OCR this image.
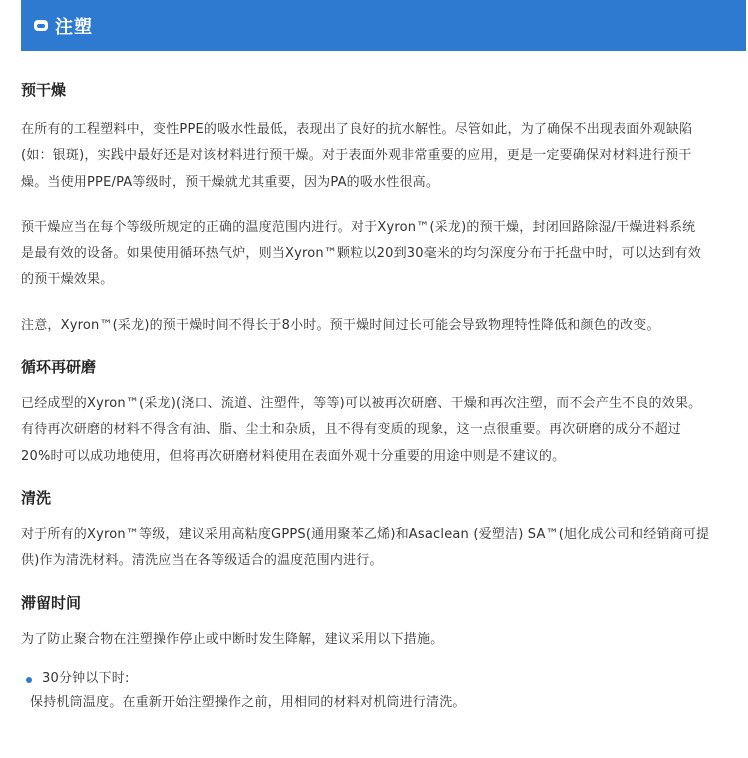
注塑
预干燥

在所有的工程塑料中，变性PPE的吸水性最低，表现出了良好的抗水解性。尽管如此，为了确保不出现表面外观缺陷
(如：银斑)，实践中最好还是对该材料进行预干燥。对于表面外观非常重要的应用，更是一定要确保对材料进行预干
燥。当使用PPE/PA等级时，预干燥就尤其重要，因为PA的吸水性很高。

预干燥应当在每个等级所规定的正确的温度范围内进行。对于Xyron™(采龙)的预干燥，封闭回路除湿/干燥进料系统
是最有效的设备。如果使用循环热气炉，则当Xyron™颗粒以20到30毫米的均匀深度分布于托盘中时，可以达到有效
的预干燥效果。

注意，Xyron™(采龙)的预干燥时间不得长于8小时。预干燥时间过长可能会导致物理特性降低和颜色的改变。

循环再研磨

已经成型的Xyron™(采龙)(浇口、流道、注塑件，等等)可以被再次研磨、干燥和再次注塑，而不会产生不良的效果。
有待再次研磨的材料不得含有油、脂、尘土和杂质，且不得有变质的现象，这一点很重要。再次研磨的成分不超过
20%时可以成功地使用，但将再次研磨材料使用在表面外观十分重要的用途中则是不建议的。

清洗

对于所有的Xyron™等级，建议采用高粘度GPPS(通用聚苯乙烯)和Asaclean (爱塑洁) SA™(旭化成公司和经销商可提
供)作为清洗材料。清洗应当在各等级适合的温度范围内进行。

滞留时间

为了防止聚合物在注塑操作停止或中断时发生降解，建议采用以下措施。

30分钟以下时:

保持机筒温度。在重新开始注塑操作之前，用相同的材料对机筒进行清洗。
